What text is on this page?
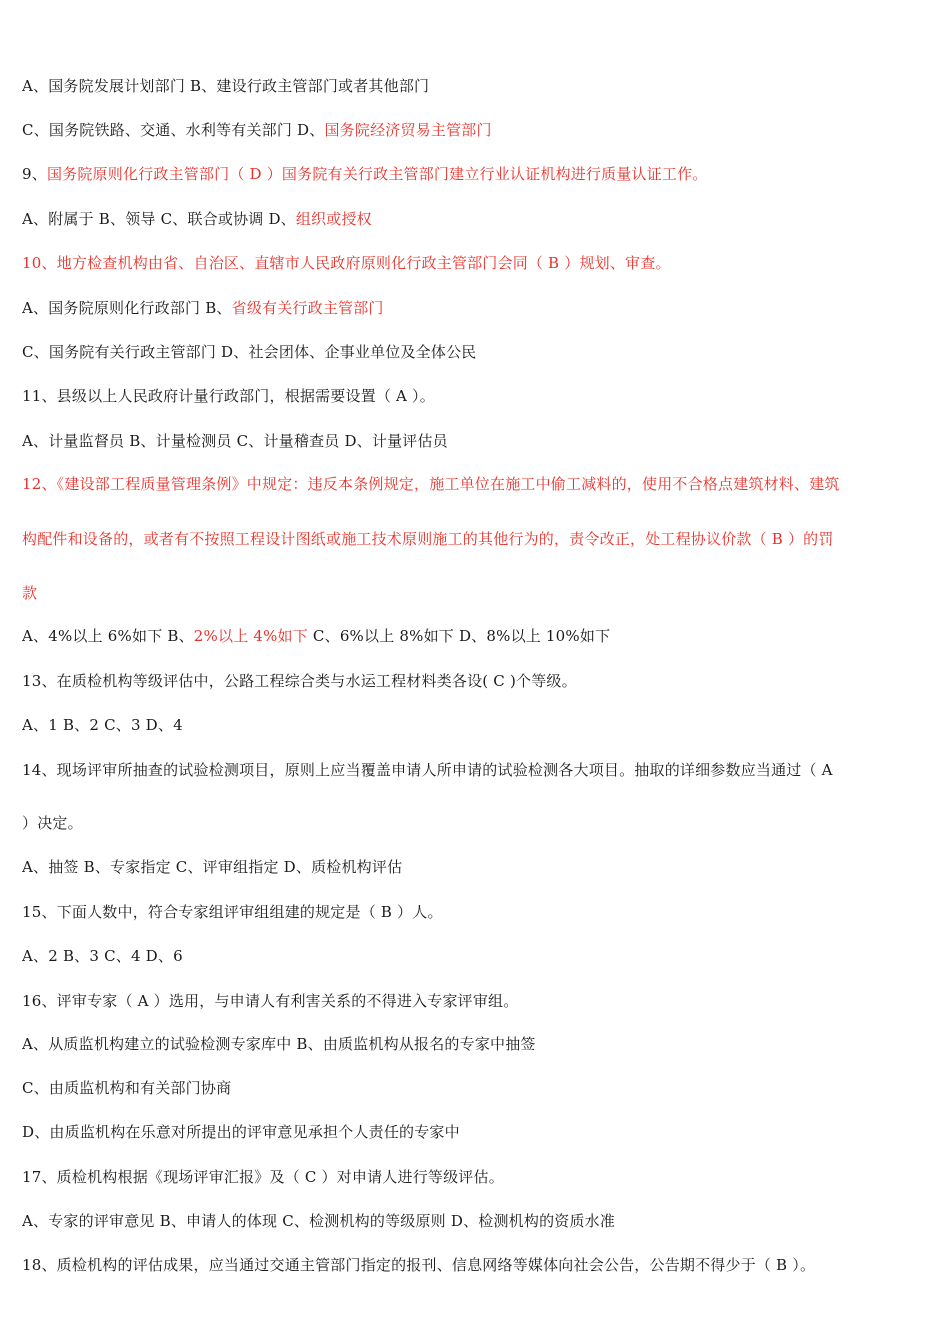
A、国务院发展计划部门 B、建设行政主管部门或者其他部门
C、国务院铁路、交通、水利等有关部门 D、国务院经济贸易主管部门
9、国务院原则化行政主管部门（ D ）国务院有关行政主管部门建立行业认证机构进行质量认证工作。
A、附属于 B、领导 C、联合或协调 D、组织或授权
10、地方检查机构由省、自治区、直辖市人民政府原则化行政主管部门会同（ B ）规划、审查。
A、国务院原则化行政部门 B、省级有关行政主管部门
C、国务院有关行政主管部门 D、社会团体、企事业单位及全体公民
11、县级以上人民政府计量行政部门，根据需要设置（ A ）。
A、计量监督员 B、计量检测员 C、计量稽查员 D、计量评估员
12、《建设部工程质量管理条例》中规定：违反本条例规定，施工单位在施工中偷工减料的，使用不合格点建筑材料、建筑
构配件和设备的，或者有不按照工程设计图纸或施工技术原则施工的其他行为的，责令改正，处工程协议价款（ B ）的罚
款
A、4%以上 6%如下 B、2%以上 4%如下 C、6%以上 8%如下 D、8%以上 10%如下
13、在质检机构等级评估中，公路工程综合类与水运工程材料类各设( C )个等级。
A、1 B、2 C、3 D、4
14、现场评审所抽查的试验检测项目，原则上应当覆盖申请人所申请的试验检测各大项目。抽取的详细参数应当通过（ A
）决定。
A、抽签 B、专家指定 C、评审组指定 D、质检机构评估
15、下面人数中，符合专家组评审组组建的规定是（ B ）人。
A、2 B、3 C、4 D、6
16、评审专家（ A ）选用，与申请人有利害关系的不得进入专家评审组。
A、从质监机构建立的试验检测专家库中 B、由质监机构从报名的专家中抽签
C、由质监机构和有关部门协商
D、由质监机构在乐意对所提出的评审意见承担个人责任的专家中
17、质检机构根据《现场评审汇报》及（ C ）对申请人进行等级评估。
A、专家的评审意见 B、申请人的体现 C、检测机构的等级原则 D、检测机构的资质水准
18、质检机构的评估成果，应当通过交通主管部门指定的报刊、信息网络等媒体向社会公告，公告期不得少于（ B ）。
